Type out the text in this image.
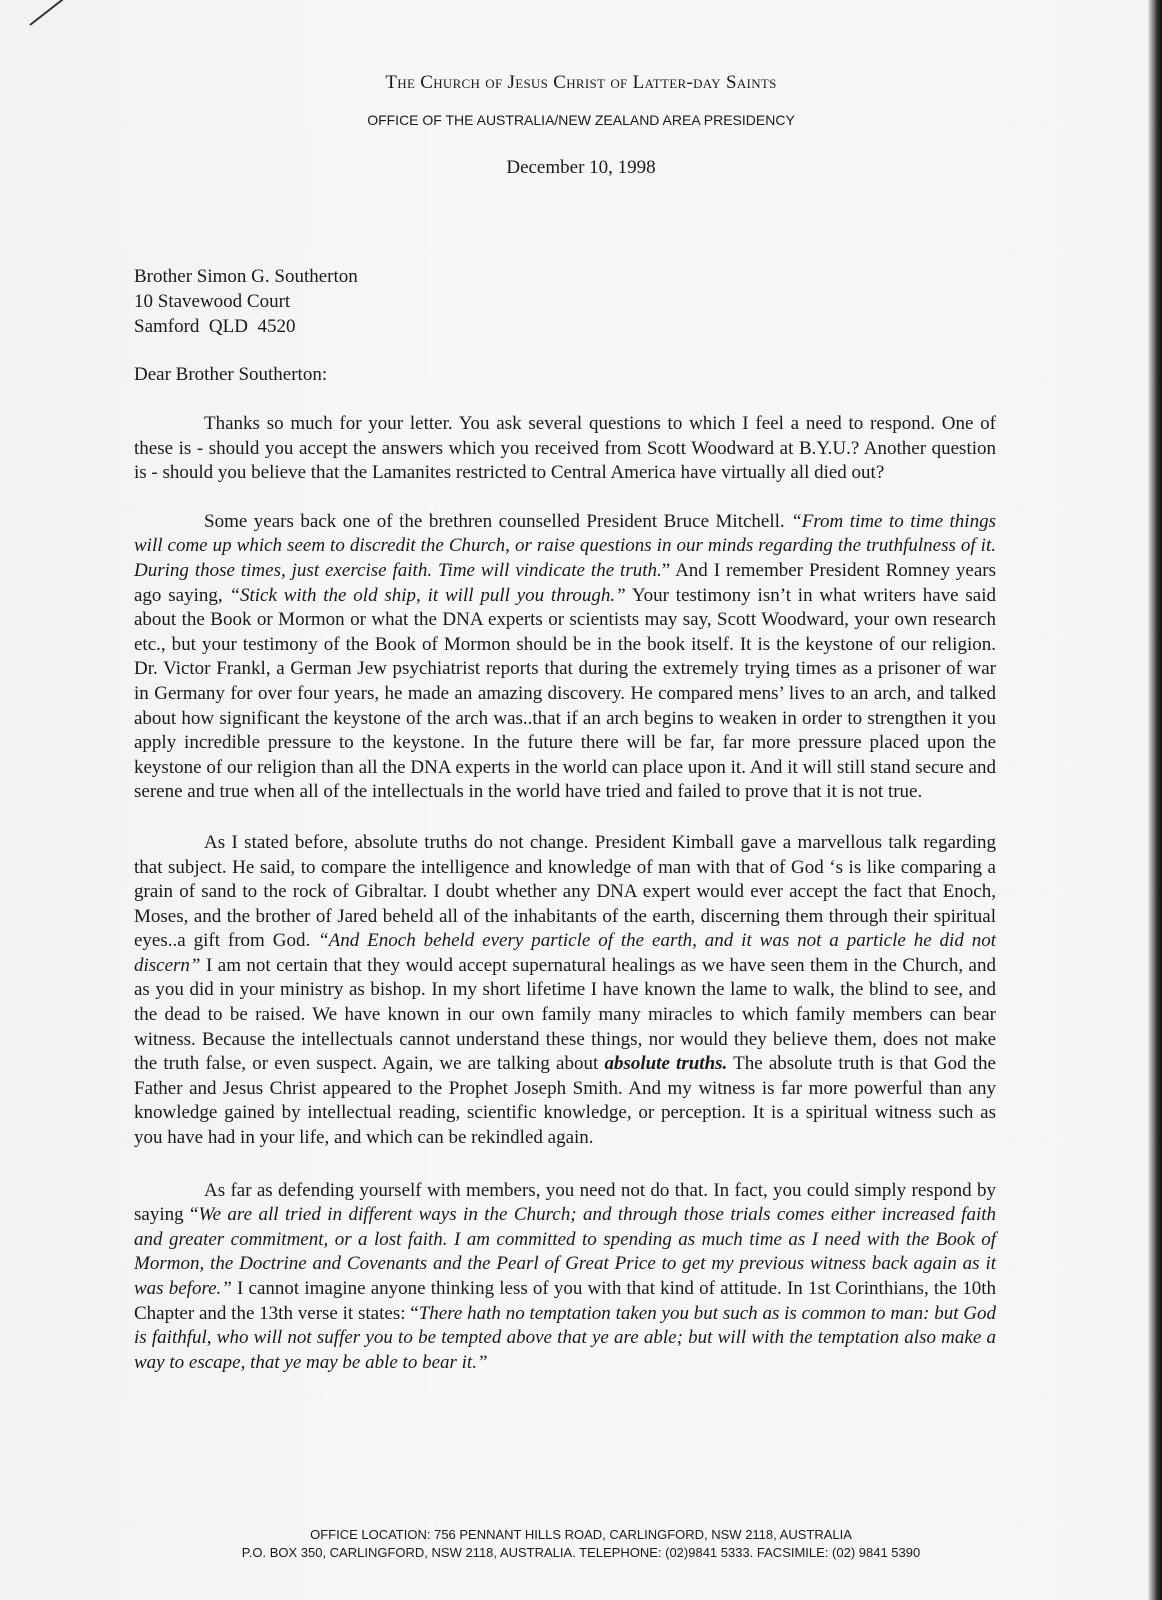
The Church of Jesus Christ of Latter-day Saints
OFFICE OF THE AUSTRALIA/NEW ZEALAND AREA PRESIDENCY
December 10, 1998
Brother Simon G. Southerton
10 Stavewood Court
Samford  QLD  4520
Dear Brother Southerton:

Thanks so much for your letter. You ask several questions to which I feel a need to respond. One of these is - should you accept the answers which you received from Scott Woodward at B.Y.U.? Another question is - should you believe that the Lamanites restricted to Central America have virtually all died out?

Some years back one of the brethren counselled President Bruce Mitchell. “From time to time things will come up which seem to discredit the Church, or raise questions in our minds regarding the truthfulness of it. During those times, just exercise faith. Time will vindicate the truth.” And I remember President Romney years ago saying, “Stick with the old ship, it will pull you through.” Your testimony isn’t in what writers have said about the Book or Mormon or what the DNA experts or scientists may say, Scott Woodward, your own research etc., but your testimony of the Book of Mormon should be in the book itself. It is the keystone of our religion. Dr. Victor Frankl, a German Jew psychiatrist reports that during the extremely trying times as a prisoner of war in Germany for over four years, he made an amazing discovery. He compared mens’ lives to an arch, and talked about how significant the keystone of the arch was..that if an arch begins to weaken in order to strengthen it you apply incredible pressure to the keystone. In the future there will be far, far more pressure placed upon the keystone of our religion than all the DNA experts in the world can place upon it. And it will still stand secure and serene and true when all of the intellectuals in the world have tried and failed to prove that it is not true.

As I stated before, absolute truths do not change. President Kimball gave a marvellous talk regarding that subject. He said, to compare the intelligence and knowledge of man with that of God ‘s is like comparing a grain of sand to the rock of Gibraltar. I doubt whether any DNA expert would ever accept the fact that Enoch, Moses, and the brother of Jared beheld all of the inhabitants of the earth, discerning them through their spiritual eyes..a gift from God. “And Enoch beheld every particle of the earth, and it was not a particle he did not discern” I am not certain that they would accept supernatural healings as we have seen them in the Church, and as you did in your ministry as bishop. In my short lifetime I have known the lame to walk, the blind to see, and the dead to be raised. We have known in our own family many miracles to which family members can bear witness. Because the intellectuals cannot understand these things, nor would they believe them, does not make the truth false, or even suspect. Again, we are talking about absolute truths. The absolute truth is that God the Father and Jesus Christ appeared to the Prophet Joseph Smith. And my witness is far more powerful than any knowledge gained by intellectual reading, scientific knowledge, or perception. It is a spiritual witness such as you have had in your life, and which can be rekindled again.

As far as defending yourself with members, you need not do that. In fact, you could simply respond by saying “We are all tried in different ways in the Church; and through those trials comes either increased faith and greater commitment, or a lost faith. I am committed to spending as much time as I need with the Book of Mormon, the Doctrine and Covenants and the Pearl of Great Price to get my previous witness back again as it was before.” I cannot imagine anyone thinking less of you with that kind of attitude. In 1st Corinthians, the 10th Chapter and the 13th verse it states: “There hath no temptation taken you but such as is common to man: but God is faithful, who will not suffer you to be tempted above that ye are able; but will with the temptation also make a way to escape, that ye may be able to bear it.”

OFFICE LOCATION: 756 PENNANT HILLS ROAD, CARLINGFORD, NSW 2118, AUSTRALIA
P.O. BOX 350, CARLINGFORD, NSW 2118, AUSTRALIA. TELEPHONE: (02)9841 5333. FACSIMILE: (02) 9841 5390
